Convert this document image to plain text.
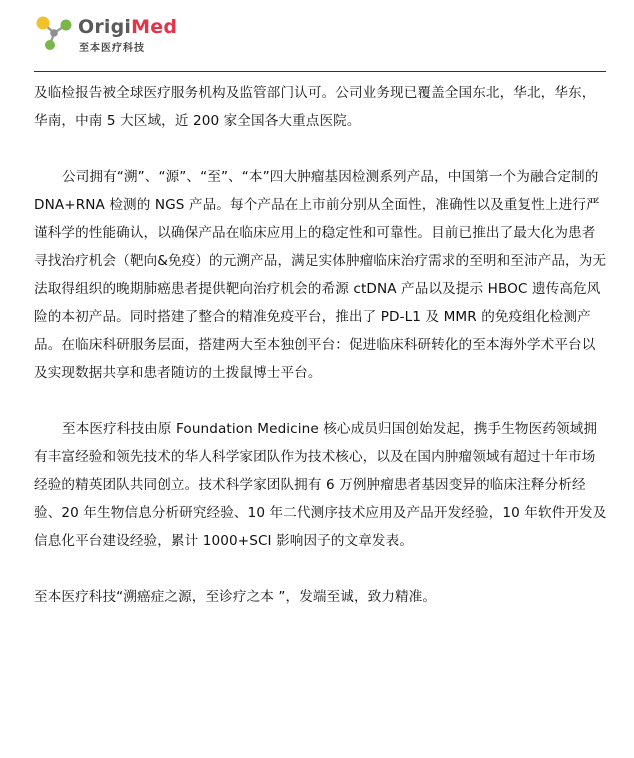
OrigiMed
至本医疗科技

及临检报告被全球医疗服务机构及监管部门认可。公司业务现已覆盖全国东北，华北，华东，华南，中南 5 大区域，近 200 家全国各大重点医院。

公司拥有“溯”、“源”、“至”、“本”四大肿瘤基因检测系列产品，中国第一个为融合定制的 DNA+RNA 检测的 NGS 产品。每个产品在上市前分别从全面性，准确性以及重复性上进行严谨科学的性能确认，以确保产品在临床应用上的稳定性和可靠性。目前已推出了最大化为患者寻找治疗机会（靶向&免疫）的元溯产品，满足实体肿瘤临床治疗需求的至明和至沛产品，为无法取得组织的晚期肺癌患者提供靶向治疗机会的希源 ctDNA 产品以及提示 HBOC 遗传高危风险的本初产品。同时搭建了整合的精准免疫平台，推出了 PD-L1 及 MMR 的免疫组化检测产品。在临床科研服务层面，搭建两大至本独创平台：促进临床科研转化的至本海外学术平台以及实现数据共享和患者随访的土拨鼠博士平台。

至本医疗科技由原 Foundation Medicine 核心成员归国创始发起，携手生物医药领域拥有丰富经验和领先技术的华人科学家团队作为技术核心，以及在国内肿瘤领域有超过十年市场经验的精英团队共同创立。技术科学家团队拥有 6 万例肿瘤患者基因变异的临床注释分析经验、20 年生物信息分析研究经验、10 年二代测序技术应用及产品开发经验，10 年软件开发及信息化平台建设经验，累计 1000+SCI 影响因子的文章发表。

至本医疗科技“溯癌症之源，至诊疗之本 ”，发端至诚，致力精准。
